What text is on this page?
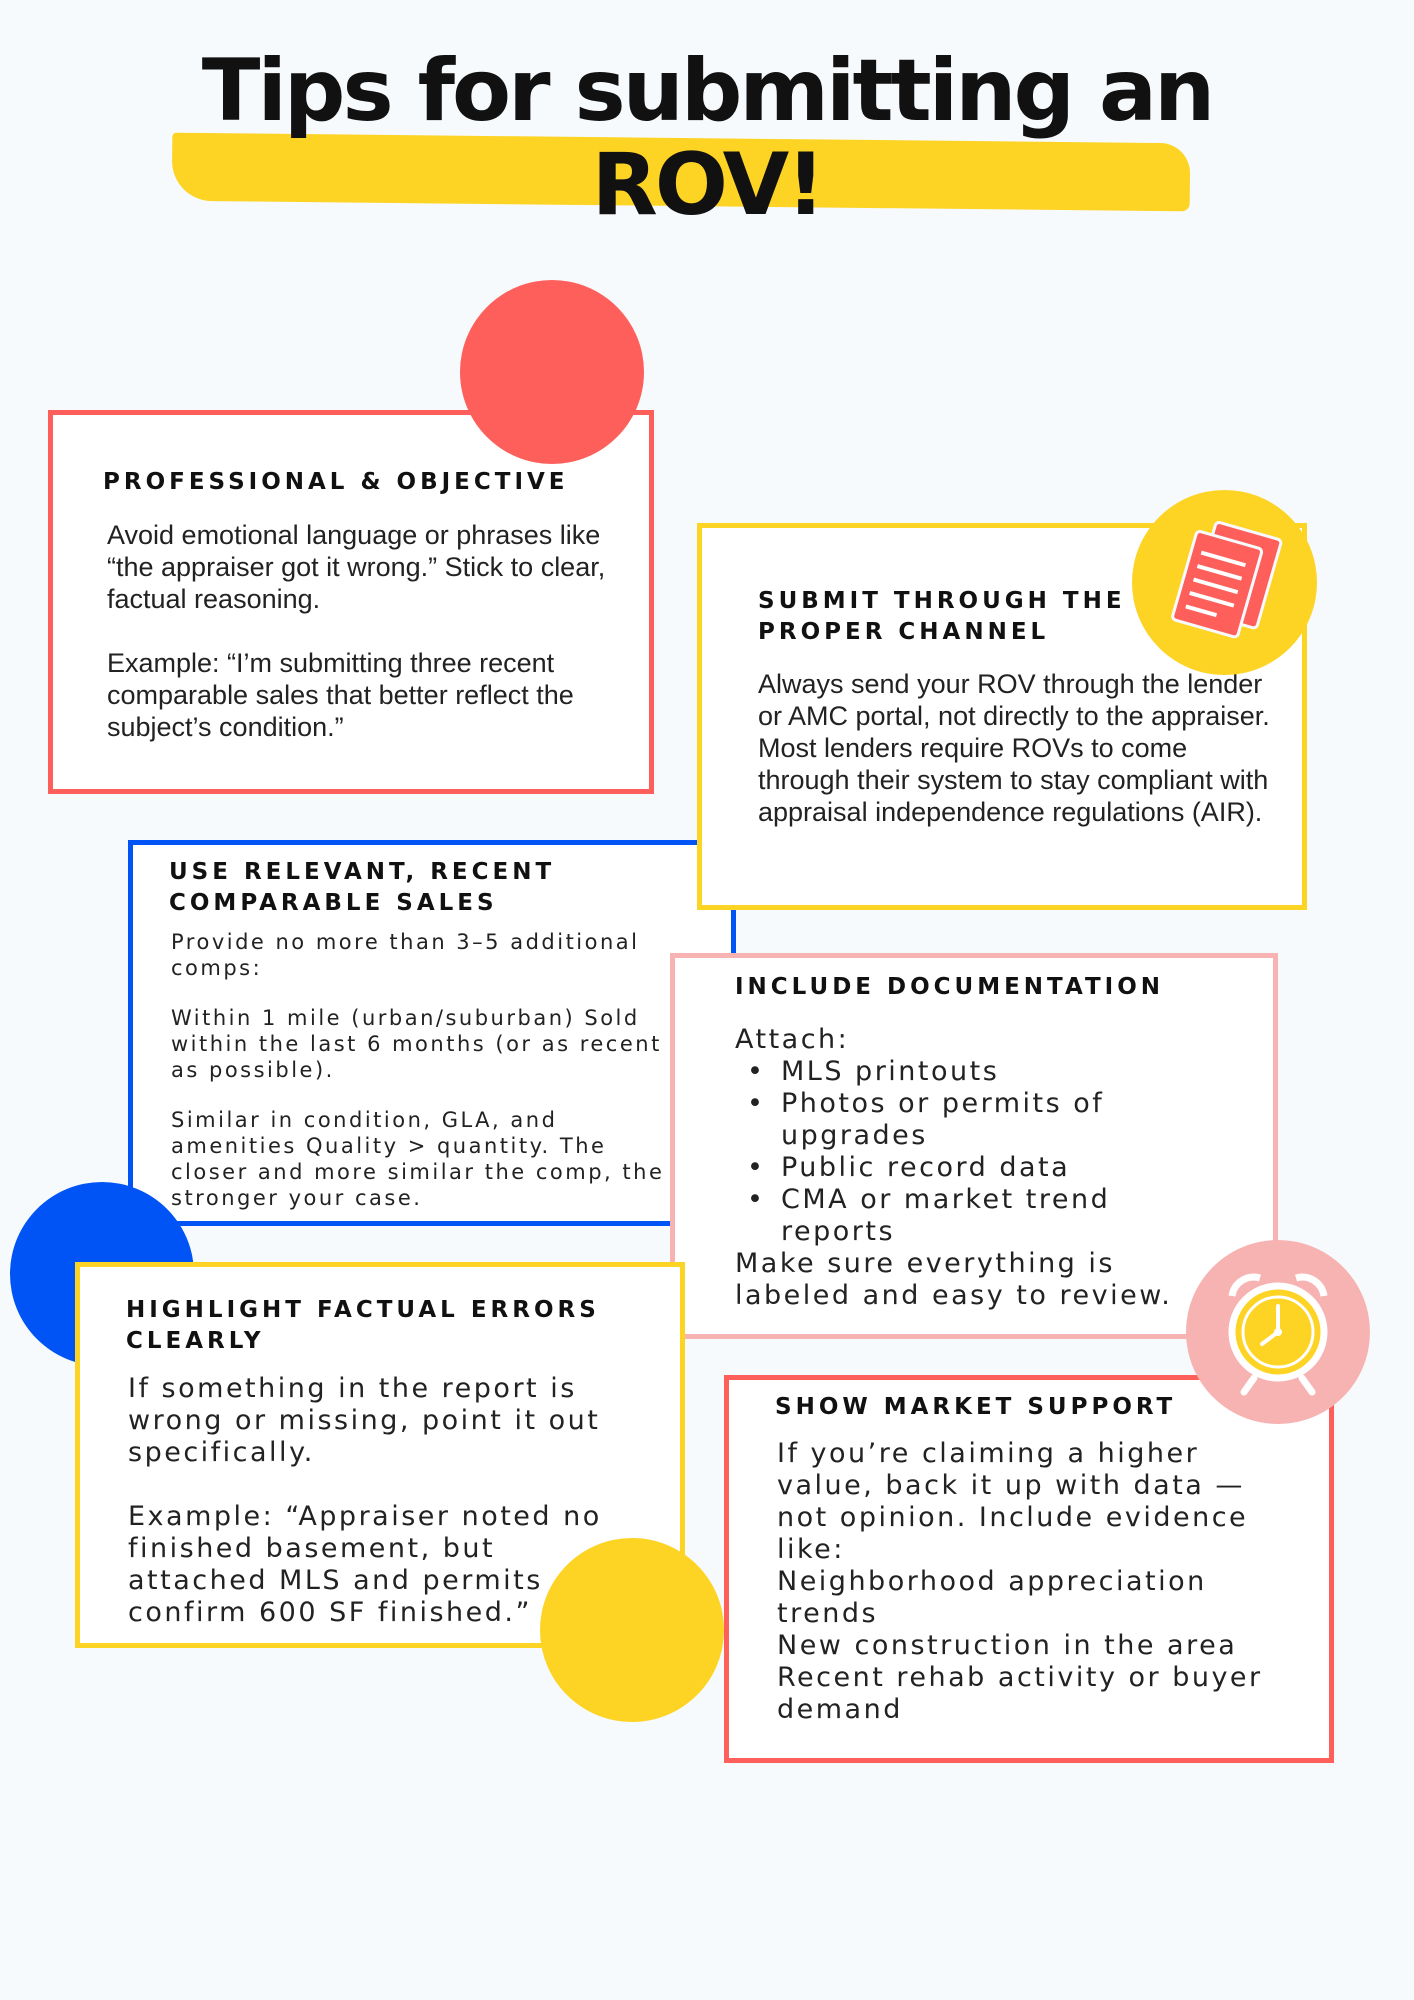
Tips for submitting an
ROV!
PROFESSIONAL & OBJECTIVE
Avoid emotional language or phrases like “the appraiser got it wrong.” Stick to clear, factual reasoning.
Example: “I’m submitting three recent comparable sales that better reflect the subject’s condition.”
USE RELEVANT, RECENT COMPARABLE SALES
Provide no more than 3–5 additional comps:
Within 1 mile (urban/suburban) Sold within the last 6 months (or as recent as possible).
Similar in condition, GLA, and amenities Quality > quantity. The closer and more similar the comp, the stronger your case.
SUBMIT THROUGH THE PROPER CHANNEL
Always send your ROV through the lender or AMC portal, not directly to the appraiser. Most lenders require ROVs to come through their system to stay compliant with appraisal independence regulations (AIR).
INCLUDE DOCUMENTATION
Attach:
• MLS printouts
• Photos or permits of upgrades
• Public record data
• CMA or market trend reports
Make sure everything is labeled and easy to review.
HIGHLIGHT FACTUAL ERRORS CLEARLY
If something in the report is wrong or missing, point it out specifically.
Example: “Appraiser noted no finished basement, but attached MLS and permits confirm 600 SF finished.”
SHOW MARKET SUPPORT
If you’re claiming a higher value, back it up with data — not opinion. Include evidence like:
Neighborhood appreciation trends
New construction in the area
Recent rehab activity or buyer demand
